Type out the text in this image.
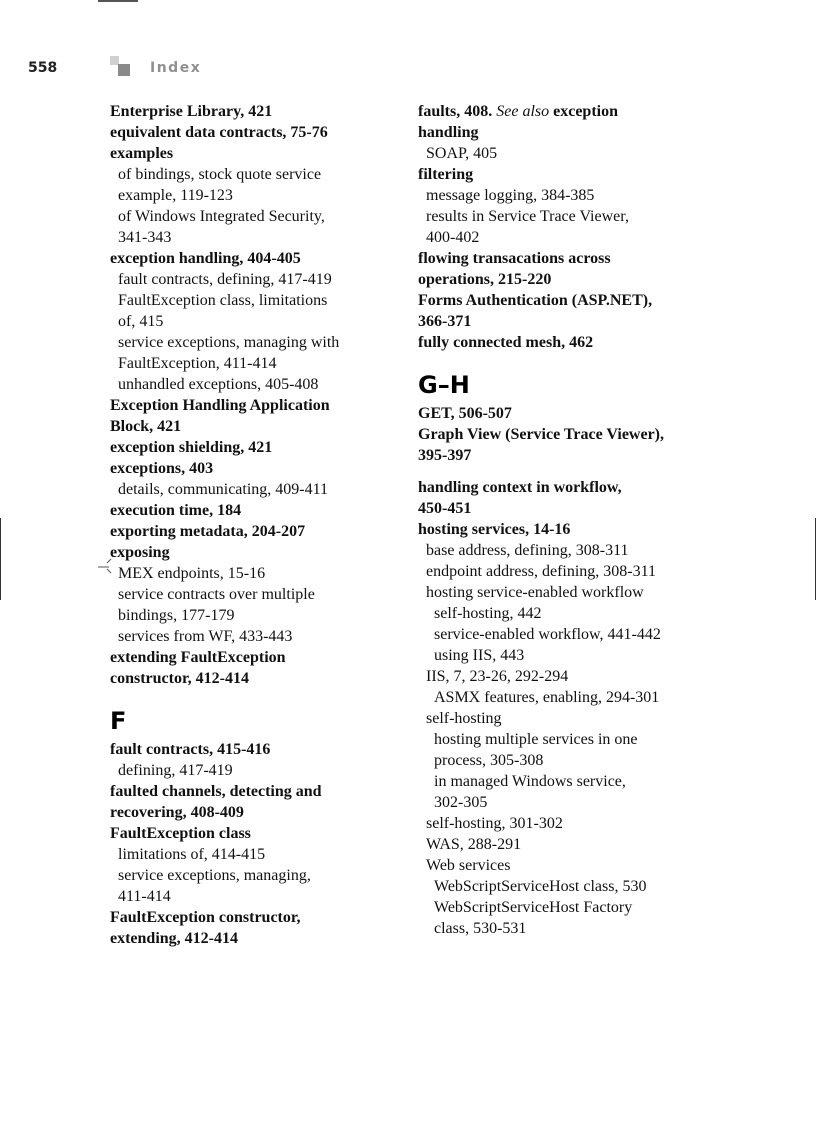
558	Index
Enterprise Library, 421
equivalent data contracts, 75-76
examples
of bindings, stock quote service
example, 119-123
of Windows Integrated Security,
341-343
exception handling, 404-405
fault contracts, defining, 417-419
FaultException class, limitations
of, 415
service exceptions, managing with
FaultException, 411-414
unhandled exceptions, 405-408
Exception Handling Application
Block, 421
exception shielding, 421
exceptions, 403
details, communicating, 409-411
execution time, 184
exporting metadata, 204-207
exposing
MEX endpoints, 15-16
service contracts over multiple
bindings, 177-179
services from WF, 433-443
extending FaultException
constructor, 412-414
F
fault contracts, 415-416
defining, 417-419
faulted channels, detecting and
recovering, 408-409
FaultException class
limitations of, 414-415
service exceptions, managing,
411-414
FaultException constructor,
extending, 412-414
faults, 408. See also exception
handling
SOAP, 405
filtering
message logging, 384-385
results in Service Trace Viewer,
400-402
flowing transacations across
operations, 215-220
Forms Authentication (ASP.NET),
366-371
fully connected mesh, 462
G–H
GET, 506-507
Graph View (Service Trace Viewer),
395-397
handling context in workflow,
450-451
hosting services, 14-16
base address, defining, 308-311
endpoint address, defining, 308-311
hosting service-enabled workflow
self-hosting, 442
service-enabled workflow, 441-442
using IIS, 443
IIS, 7, 23-26, 292-294
ASMX features, enabling, 294-301
self-hosting
hosting multiple services in one
process, 305-308
in managed Windows service,
302-305
self-hosting, 301-302
WAS, 288-291
Web services
WebScriptServiceHost class, 530
WebScriptServiceHost Factory
class, 530-531
